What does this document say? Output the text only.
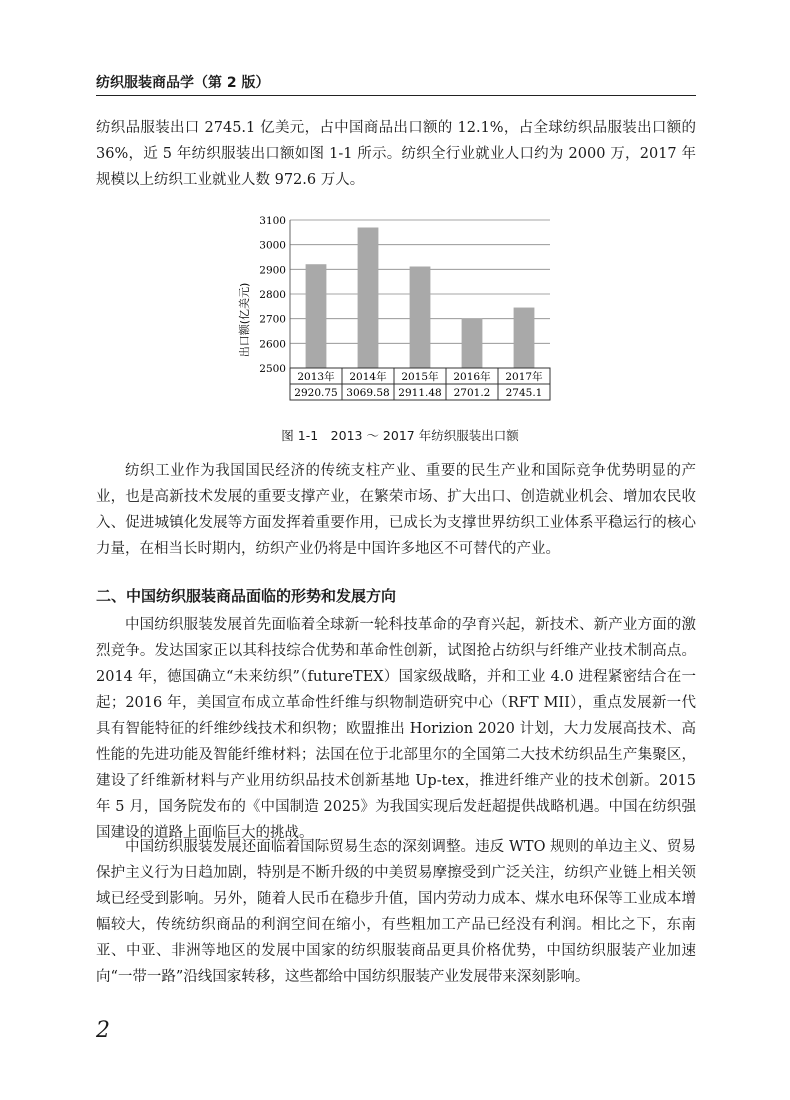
纺织服装商品学（第 2 版）

纺织品服装出口 2745.1 亿美元，占中国商品出口额的 12.1%，占全球纺织品服装出口额的 36%，近 5 年纺织服装出口额如图 1-1 所示。纺织全行业就业人口约为 2000 万，2017 年规模以上纺织工业就业人数 972.6 万人。

2500
2600
2700
2800
2900
3000
3100
2013年
2920.75
2014年
3069.58
2015年
2911.48
2016年
2701.2
2017年
2745.1
出口额(亿美元)
图 1-1　2013 ～ 2017 年纺织服装出口额

纺织工业作为我国国民经济的传统支柱产业、重要的民生产业和国际竞争优势明显的产业，也是高新技术发展的重要支撑产业，在繁荣市场、扩大出口、创造就业机会、增加农民收入、促进城镇化发展等方面发挥着重要作用，已成长为支撑世界纺织工业体系平稳运行的核心力量，在相当长时期内，纺织产业仍将是中国许多地区不可替代的产业。

二、中国纺织服装商品面临的形势和发展方向

中国纺织服装发展首先面临着全球新一轮科技革命的孕育兴起，新技术、新产业方面的激烈竞争。发达国家正以其科技综合优势和革命性创新，试图抢占纺织与纤维产业技术制高点。2014 年，德国确立“未来纺织”（futureTEX）国家级战略，并和工业 4.0 进程紧密结合在一起；2016 年，美国宣布成立革命性纤维与织物制造研究中心（RFT MII），重点发展新一代具有智能特征的纤维纱线技术和织物；欧盟推出 Horizion 2020 计划，大力发展高技术、高性能的先进功能及智能纤维材料；法国在位于北部里尔的全国第二大技术纺织品生产集聚区，建设了纤维新材料与产业用纺织品技术创新基地 Up-tex，推进纤维产业的技术创新。2015 年 5 月，国务院发布的《中国制造 2025》为我国实现后发赶超提供战略机遇。中国在纺织强国建设的道路上面临巨大的挑战。

中国纺织服装发展还面临着国际贸易生态的深刻调整。违反 WTO 规则的单边主义、贸易保护主义行为日趋加剧，特别是不断升级的中美贸易摩擦受到广泛关注，纺织产业链上相关领域已经受到影响。另外，随着人民币在稳步升值，国内劳动力成本、煤水电环保等工业成本增幅较大，传统纺织商品的利润空间在缩小，有些粗加工产品已经没有利润。相比之下，东南亚、中亚、非洲等地区的发展中国家的纺织服装商品更具价格优势，中国纺织服装产业加速向“一带一路”沿线国家转移，这些都给中国纺织服装产业发展带来深刻影响。

2
